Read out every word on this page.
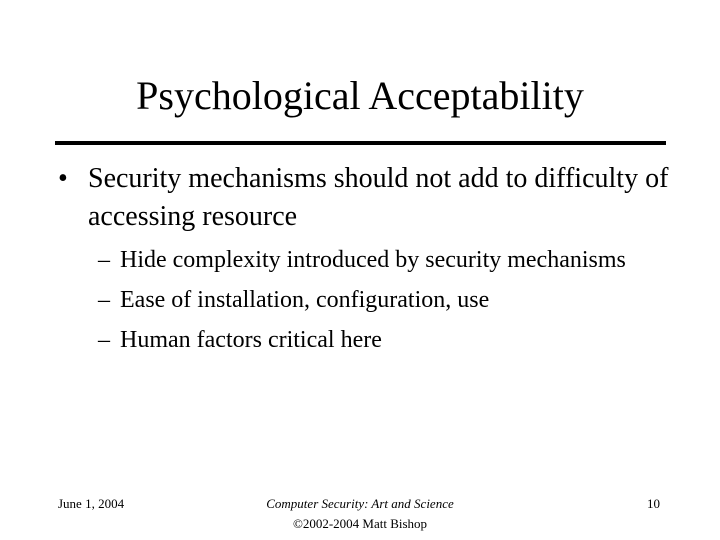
Psychological Acceptability
• Security mechanisms should not add to difficulty of accessing resource
– Hide complexity introduced by security mechanisms
– Ease of installation, configuration, use
– Human factors critical here
June 1, 2004	Computer Security: Art and Science
©2002-2004 Matt Bishop
10
